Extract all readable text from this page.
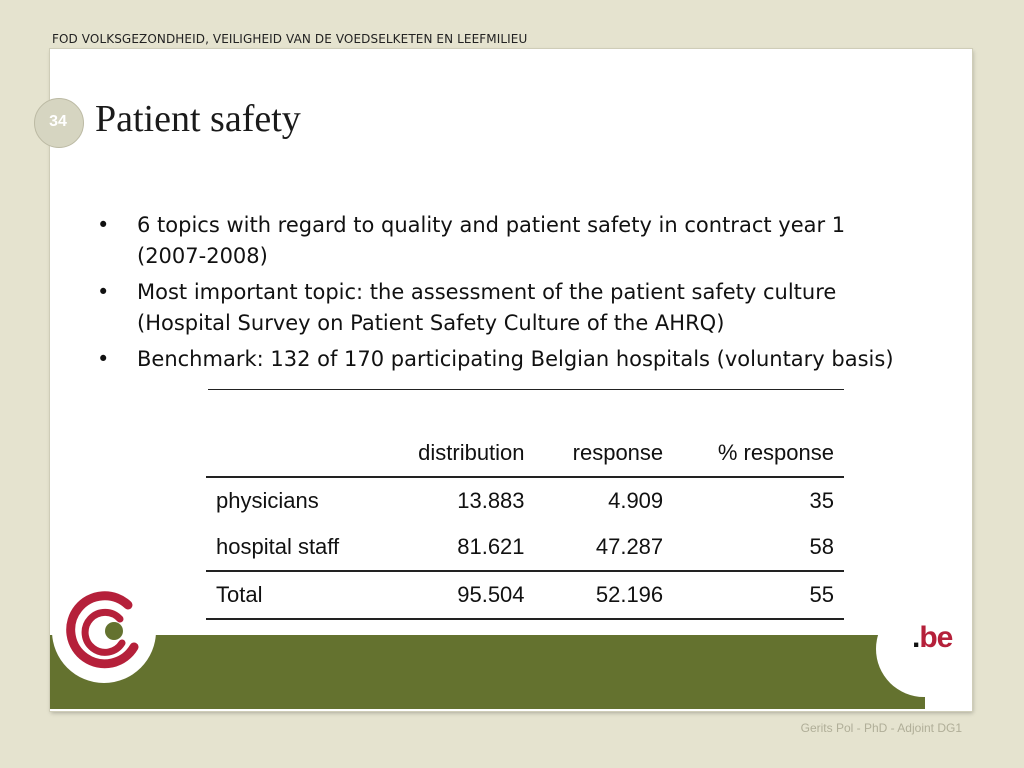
FOD VOLKSGEZONDHEID, VEILIGHEID VAN DE VOEDSELKETEN EN LEEFMILIEU
Patient safety
•	6 topics with regard to quality and patient safety in contract year 1 (2007-2008)
•	Most important topic: the assessment of the patient safety culture (Hospital Survey on Patient Safety Culture of the AHRQ)
•	Benchmark: 132 of 170 participating Belgian hospitals (voluntary basis)
	distribution	response	% response
physicians	13.883	4.909	35
hospital staff	81.621	47.287	58
Total	95.504	52.196	55
.be
34
Gerits Pol - PhD - Adjoint DG1
